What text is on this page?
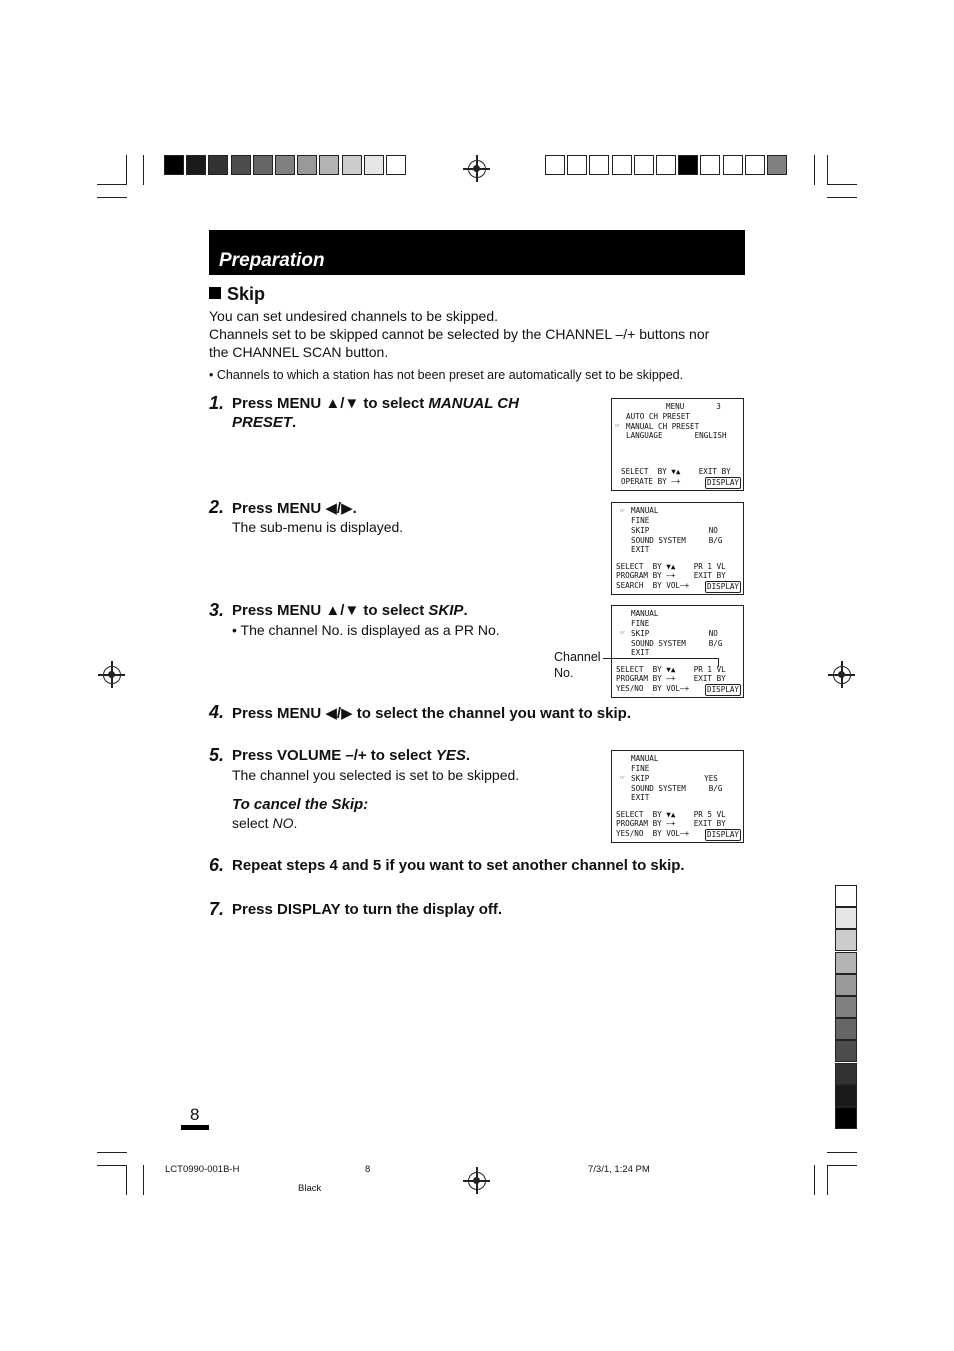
Preparation
Skip
You can set undesired channels to be skipped.
Channels set to be skipped cannot be selected by the CHANNEL –/+ buttons nor
the CHANNEL SCAN button.
• Channels to which a station has not been preset are automatically set to be skipped.
1. Press MENU ▲/▼ to select MANUAL CH
PRESET.
2. Press MENU ◀/▶.
The sub-menu is displayed.
3. Press MENU ▲/▼ to select SKIP.
• The channel No. is displayed as a PR No.
Channel
No.
4. Press MENU ◀/▶ to select the channel you want to skip.
5. Press VOLUME –/+ to select YES.
The channel you selected is set to be skipped.
To cancel the Skip:
select NO.
6. Repeat steps 4 and 5 if you want to set another channel to skip.
7. Press DISPLAY to turn the display off.
MENU       3
AUTO CH PRESET
☞ MANUAL CH PRESET
LANGUAGE       ENGLISH
SELECT  BY ▼▲    EXIT BY
OPERATE BY –+	DISPLAY
☞ MANUAL
FINE
SKIP             NO
SOUND SYSTEM     B/G
EXIT
SELECT  BY ▼▲    PR 1 VL
PROGRAM BY –+    EXIT BY
SEARCH  BY VOL–+ DISPLAY
MANUAL
FINE
☞ SKIP             NO
SOUND SYSTEM     B/G
EXIT
SELECT  BY ▼▲    PR 1 VL
PROGRAM BY –+    EXIT BY
YES/NO  BY VOL–+ DISPLAY
MANUAL
FINE
☞ SKIP            YES
SOUND SYSTEM     B/G
EXIT
SELECT  BY ▼▲    PR 5 VL
PROGRAM BY –+    EXIT BY
YES/NO  BY VOL–+ DISPLAY
8
LCT0990-001B-H	8	7/3/1, 1:24 PM
Black
